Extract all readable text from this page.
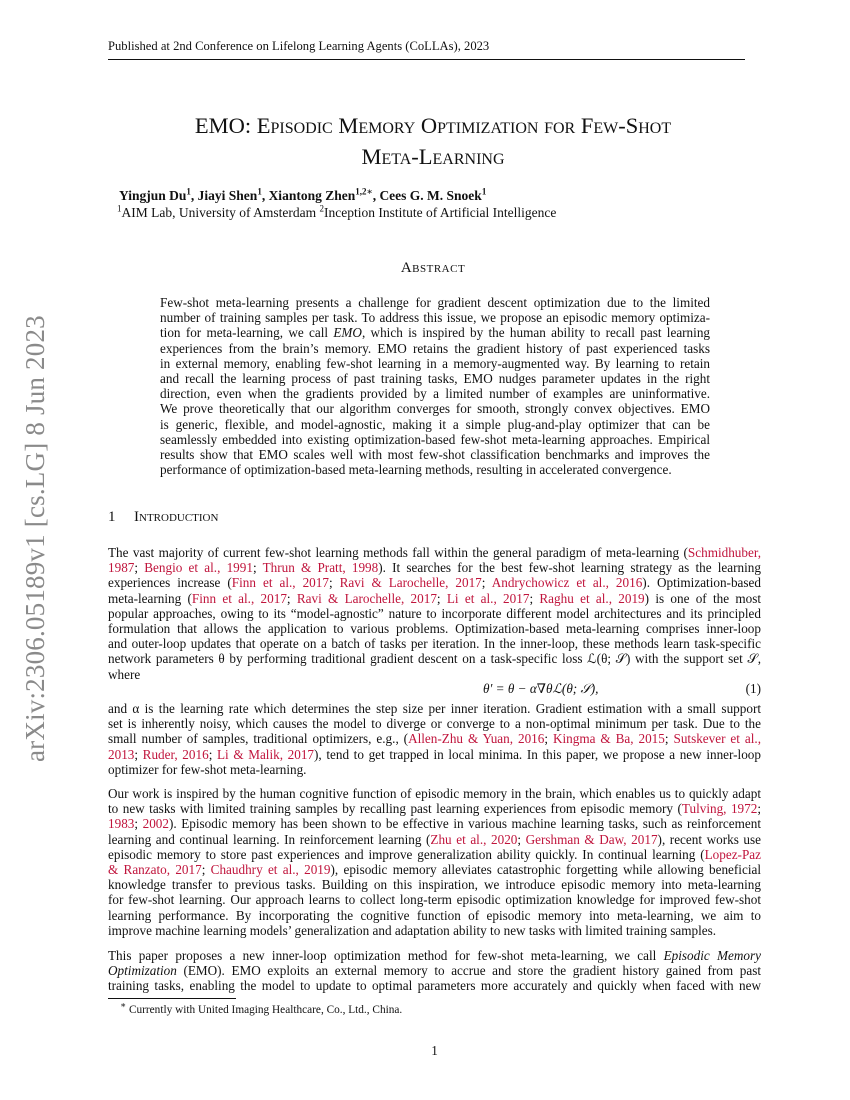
Published at 2nd Conference on Lifelong Learning Agents (CoLLAs), 2023
arXiv:2306.05189v1 [cs.LG] 8 Jun 2023
EMO: Episodic Memory Optimization for Few-Shot
Meta-Learning
Yingjun Du$^1$, Jiayi Shen$^1$, Xiantong Zhen$^{1,2∗}$, Cees G. M. Snoek$^1$
$^1$AIM Lab, University of Amsterdam $^2$Inception Institute of Artificial Intelligence
Abstract
Few-shot meta-learning presents a challenge for gradient descent optimization due to the limited
number of training samples per task. To address this issue, we propose an episodic memory optimiza-
tion for meta-learning, we call EMO, which is inspired by the human ability to recall past learning
experiences from the brain’s memory. EMO retains the gradient history of past experienced tasks
in external memory, enabling few-shot learning in a memory-augmented way. By learning to retain
and recall the learning process of past training tasks, EMO nudges parameter updates in the right
direction, even when the gradients provided by a limited number of examples are uninformative.
We prove theoretically that our algorithm converges for smooth, strongly convex objectives. EMO
is generic, flexible, and model-agnostic, making it a simple plug-and-play optimizer that can be
seamlessly embedded into existing optimization-based few-shot meta-learning approaches. Empirical
results show that EMO scales well with most few-shot classification benchmarks and improves the
performance of optimization-based meta-learning methods, resulting in accelerated convergence.
1 Introduction
The vast majority of current few-shot learning methods fall within the general paradigm of meta-learning (Schmidhuber,
1987; Bengio et al., 1991; Thrun & Pratt, 1998). It searches for the best few-shot learning strategy as the learning
experiences increase (Finn et al., 2017; Ravi & Larochelle, 2017; Andrychowicz et al., 2016). Optimization-based
meta-learning (Finn et al., 2017; Ravi & Larochelle, 2017; Li et al., 2017; Raghu et al., 2019) is one of the most
popular approaches, owing to its “model-agnostic” nature to incorporate different model architectures and its principled
formulation that allows the application to various problems. Optimization-based meta-learning comprises inner-loop
and outer-loop updates that operate on a batch of tasks per iteration. In the inner-loop, these methods learn task-specific
network parameters θ by performing traditional gradient descent on a task-specific loss ℒ(θ; 𝒮) with the support set 𝒮,
where
θ′ = θ − α∇θℒ(θ; 𝒮),	(1)
and α is the learning rate which determines the step size per inner iteration. Gradient estimation with a small support
set is inherently noisy, which causes the model to diverge or converge to a non-optimal minimum per task. Due to the
small number of samples, traditional optimizers, e.g., (Allen-Zhu & Yuan, 2016; Kingma & Ba, 2015; Sutskever et al.,
2013; Ruder, 2016; Li & Malik, 2017), tend to get trapped in local minima. In this paper, we propose a new inner-loop
optimizer for few-shot meta-learning.
Our work is inspired by the human cognitive function of episodic memory in the brain, which enables us to quickly adapt
to new tasks with limited training samples by recalling past learning experiences from episodic memory (Tulving, 1972;
1983; 2002). Episodic memory has been shown to be effective in various machine learning tasks, such as reinforcement
learning and continual learning. In reinforcement learning (Zhu et al., 2020; Gershman & Daw, 2017), recent works use
episodic memory to store past experiences and improve generalization ability quickly. In continual learning (Lopez-Paz
& Ranzato, 2017; Chaudhry et al., 2019), episodic memory alleviates catastrophic forgetting while allowing beneficial
knowledge transfer to previous tasks. Building on this inspiration, we introduce episodic memory into meta-learning
for few-shot learning. Our approach learns to collect long-term episodic optimization knowledge for improved few-shot
learning performance. By incorporating the cognitive function of episodic memory into meta-learning, we aim to
improve machine learning models’ generalization and adaptation ability to new tasks with limited training samples.
This paper proposes a new inner-loop optimization method for few-shot meta-learning, we call Episodic Memory
Optimization (EMO). EMO exploits an external memory to accrue and store the gradient history gained from past
training tasks, enabling the model to update to optimal parameters more accurately and quickly when faced with new
∗ Currently with United Imaging Healthcare, Co., Ltd., China.
1
